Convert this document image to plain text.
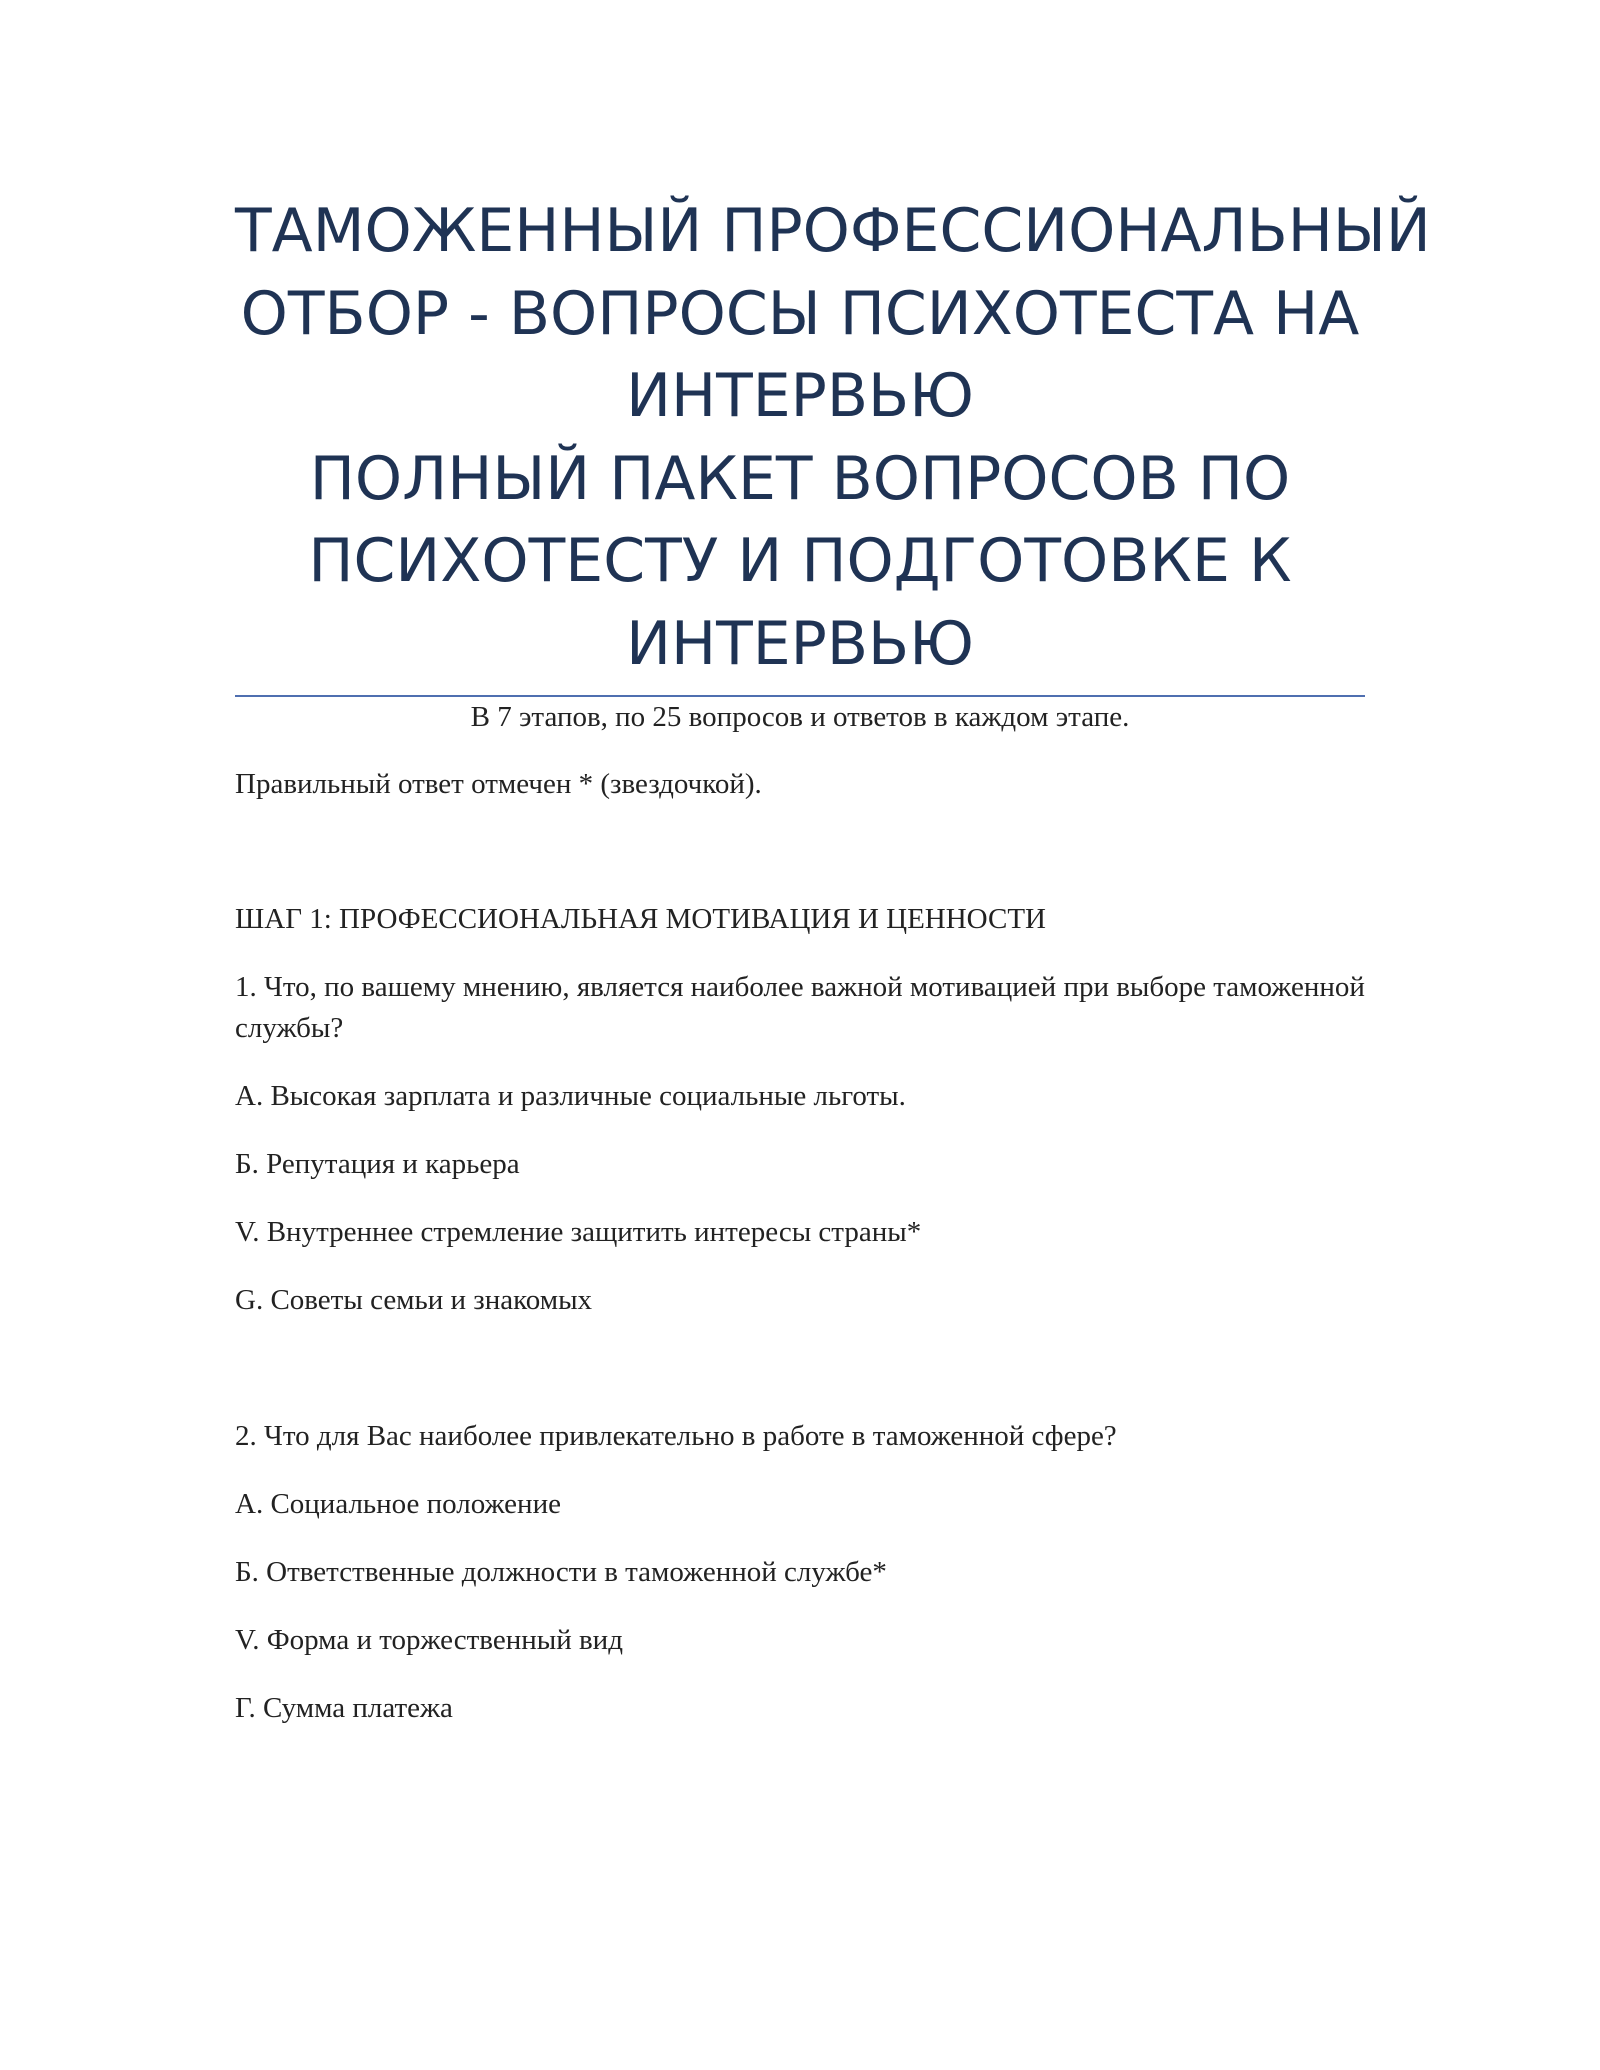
ТАМОЖЕННЫЙ ПРОФЕССИОНАЛЬНЫЙ
ОТБОР - ВОПРОСЫ ПСИХОТЕСТА НА
ИНТЕРВЬЮ
ПОЛНЫЙ ПАКЕТ ВОПРОСОВ ПО
ПСИХОТЕСТУ И ПОДГОТОВКЕ К
ИНТЕРВЬЮ

В 7 этапов, по 25 вопросов и ответов в каждом этапе.

Правильный ответ отмечен * (звездочкой).

ШАГ 1: ПРОФЕССИОНАЛЬНАЯ МОТИВАЦИЯ И ЦЕННОСТИ

1. Что, по вашему мнению, является наиболее важной мотивацией при выборе таможенной службы?

А. Высокая зарплата и различные социальные льготы.

Б. Репутация и карьера

V. Внутреннее стремление защитить интересы страны*

G. Советы семьи и знакомых

2. Что для Вас наиболее привлекательно в работе в таможенной сфере?

А. Социальное положение

Б. Ответственные должности в таможенной службе*

V. Форма и торжественный вид

Г. Сумма платежа
